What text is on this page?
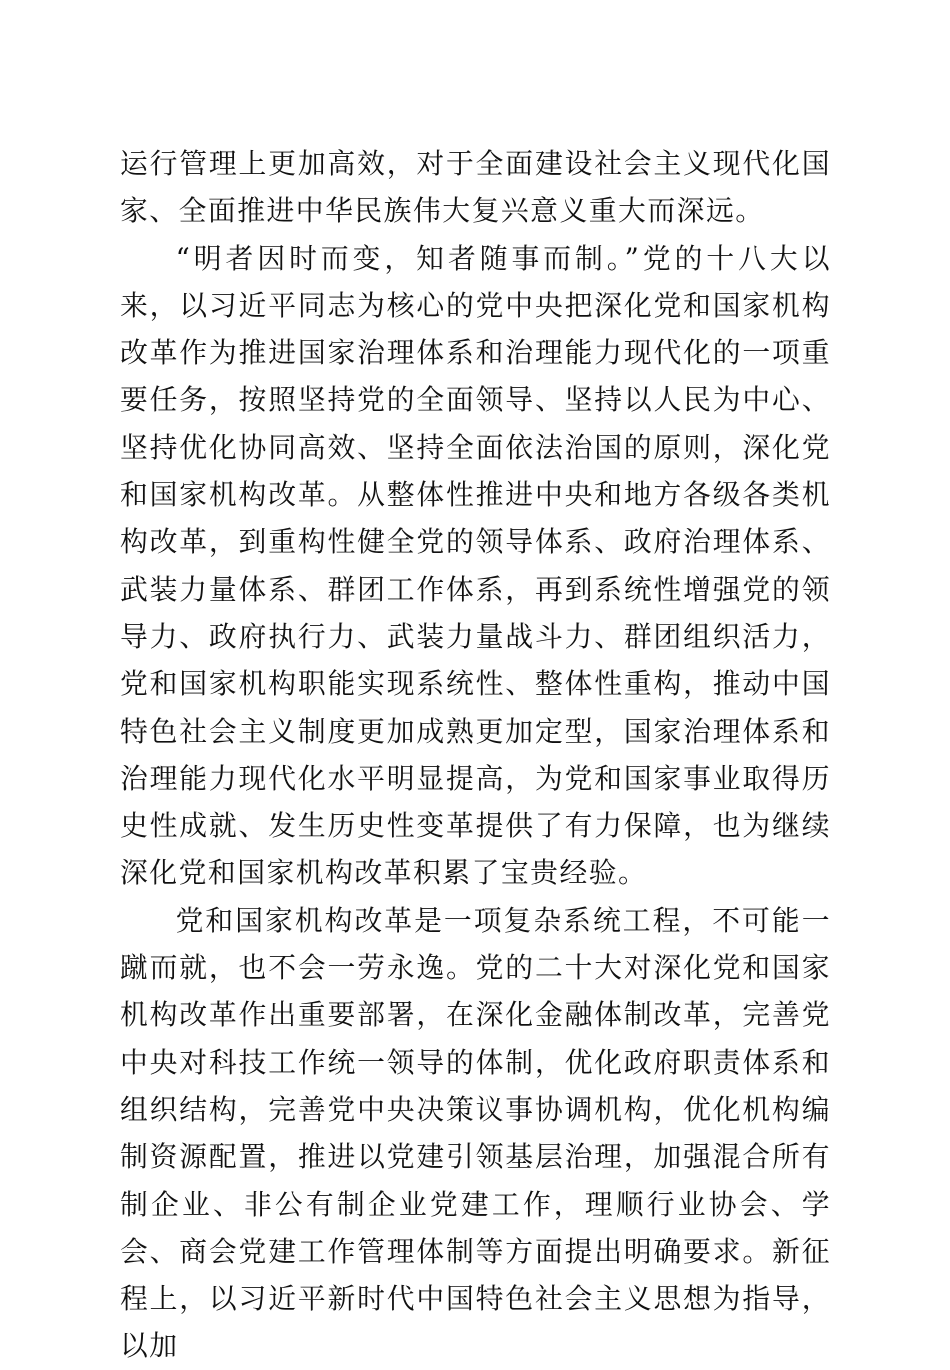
运行管理上更加高效，对于全面建设社会主义现代化国家、全面推进中华民族伟大复兴意义重大而深远。

“明者因时而变，知者随事而制。”党的十八大以来，以习近平同志为核心的党中央把深化党和国家机构改革作为推进国家治理体系和治理能力现代化的一项重要任务，按照坚持党的全面领导、坚持以人民为中心、坚持优化协同高效、坚持全面依法治国的原则，深化党和国家机构改革。从整体性推进中央和地方各级各类机构改革，到重构性健全党的领导体系、政府治理体系、武装力量体系、群团工作体系，再到系统性增强党的领导力、政府执行力、武装力量战斗力、群团组织活力，党和国家机构职能实现系统性、整体性重构，推动中国特色社会主义制度更加成熟更加定型，国家治理体系和治理能力现代化水平明显提高，为党和国家事业取得历史性成就、发生历史性变革提供了有力保障，也为继续深化党和国家机构改革积累了宝贵经验。

党和国家机构改革是一项复杂系统工程，不可能一蹴而就，也不会一劳永逸。党的二十大对深化党和国家机构改革作出重要部署，在深化金融体制改革，完善党中央对科技工作统一领导的体制，优化政府职责体系和组织结构，完善党中央决策议事协调机构，优化机构编制资源配置，推进以党建引领基层治理，加强混合所有制企业、非公有制企业党建工作，理顺行业协会、学会、商会党建工作管理体制等方面提出明确要求。新征程上，以习近平新时代中国特色社会主义思想为指导，以加
